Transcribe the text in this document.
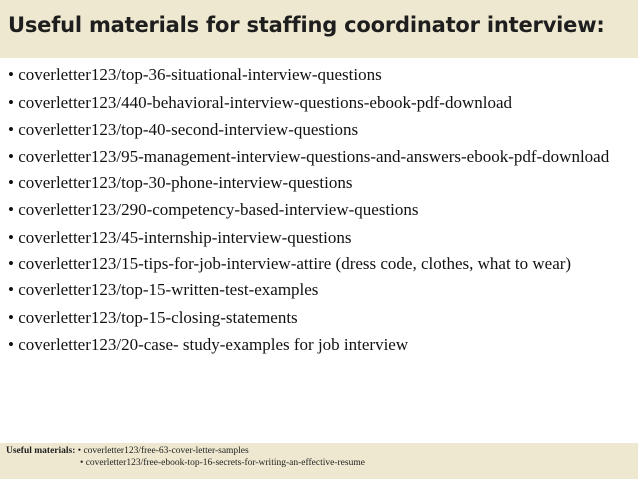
Useful materials for staffing coordinator interview:
• coverletter123/top-36-situational-interview-questions
• coverletter123/440-behavioral-interview-questions-ebook-pdf-download
• coverletter123/top-40-second-interview-questions
• coverletter123/95-management-interview-questions-and-answers-ebook-pdf-download
• coverletter123/top-30-phone-interview-questions
• coverletter123/290-competency-based-interview-questions
• coverletter123/45-internship-interview-questions
• coverletter123/15-tips-for-job-interview-attire (dress code, clothes, what to wear)
• coverletter123/top-15-written-test-examples
• coverletter123/top-15-closing-statements
• coverletter123/20-case- study-examples for job interview
Useful materials: • coverletter123/free-63-cover-letter-samples
• coverletter123/free-ebook-top-16-secrets-for-writing-an-effective-resume
